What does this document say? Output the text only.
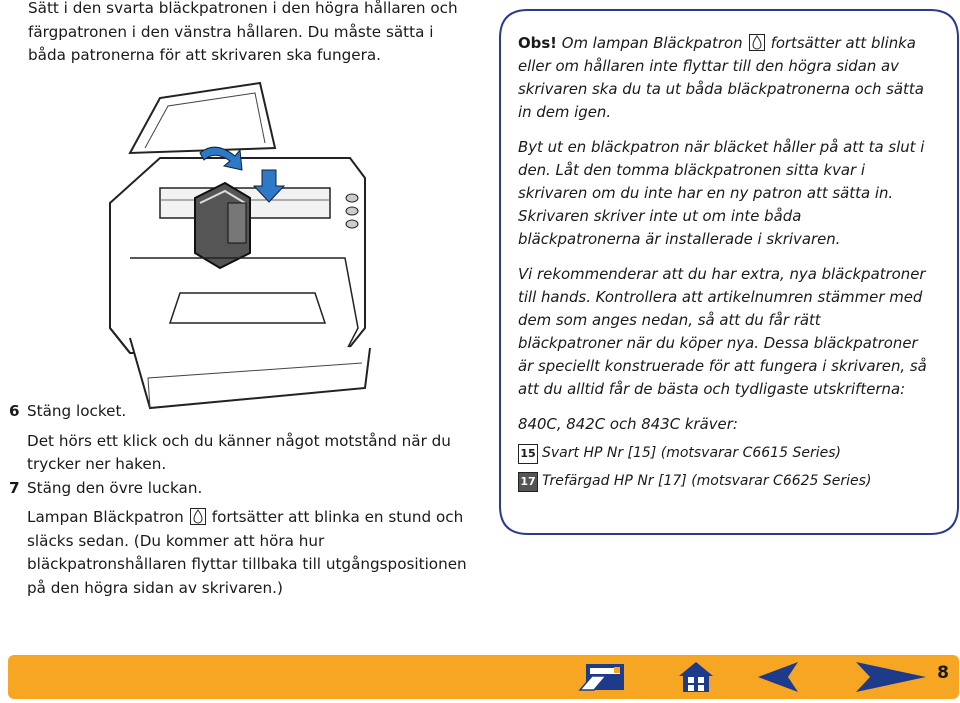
Sätt i den svarta bläckpatronen i den högra hållaren och färgpatronen i den vänstra hållaren. Du måste sätta i båda patronerna för att skrivaren ska fungera.
6 Stäng locket.
Det hörs ett klick och du känner något motstånd när du trycker ner haken.
7 Stäng den övre luckan.
Lampan Bläckpatron fortsätter att blinka en stund och släcks sedan. (Du kommer att höra hur bläckpatronshållaren flyttar tillbaka till utgångspositionen på den högra sidan av skrivaren.)

Obs! Om lampan Bläckpatron fortsätter att blinka eller om hållaren inte flyttar till den högra sidan av skrivaren ska du ta ut båda bläckpatronerna och sätta in dem igen.

Byt ut en bläckpatron när bläcket håller på att ta slut i den. Låt den tomma bläckpatronen sitta kvar i skrivaren om du inte har en ny patron att sätta in. Skrivaren skriver inte ut om inte båda bläckpatronerna är installerade i skrivaren.

Vi rekommenderar att du har extra, nya bläckpatroner till hands. Kontrollera att artikelnumren stämmer med dem som anges nedan, så att du får rätt bläckpatroner när du köper nya. Dessa bläckpatroner är speciellt konstruerade för att fungera i skrivaren, så att du alltid får de bästa och tydligaste utskrifterna:

840C, 842C och 843C kräver:

15 Svart HP Nr [15] (motsvarar C6615 Series)
17 Trefärgad HP Nr [17] (motsvarar C6625 Series)
8
